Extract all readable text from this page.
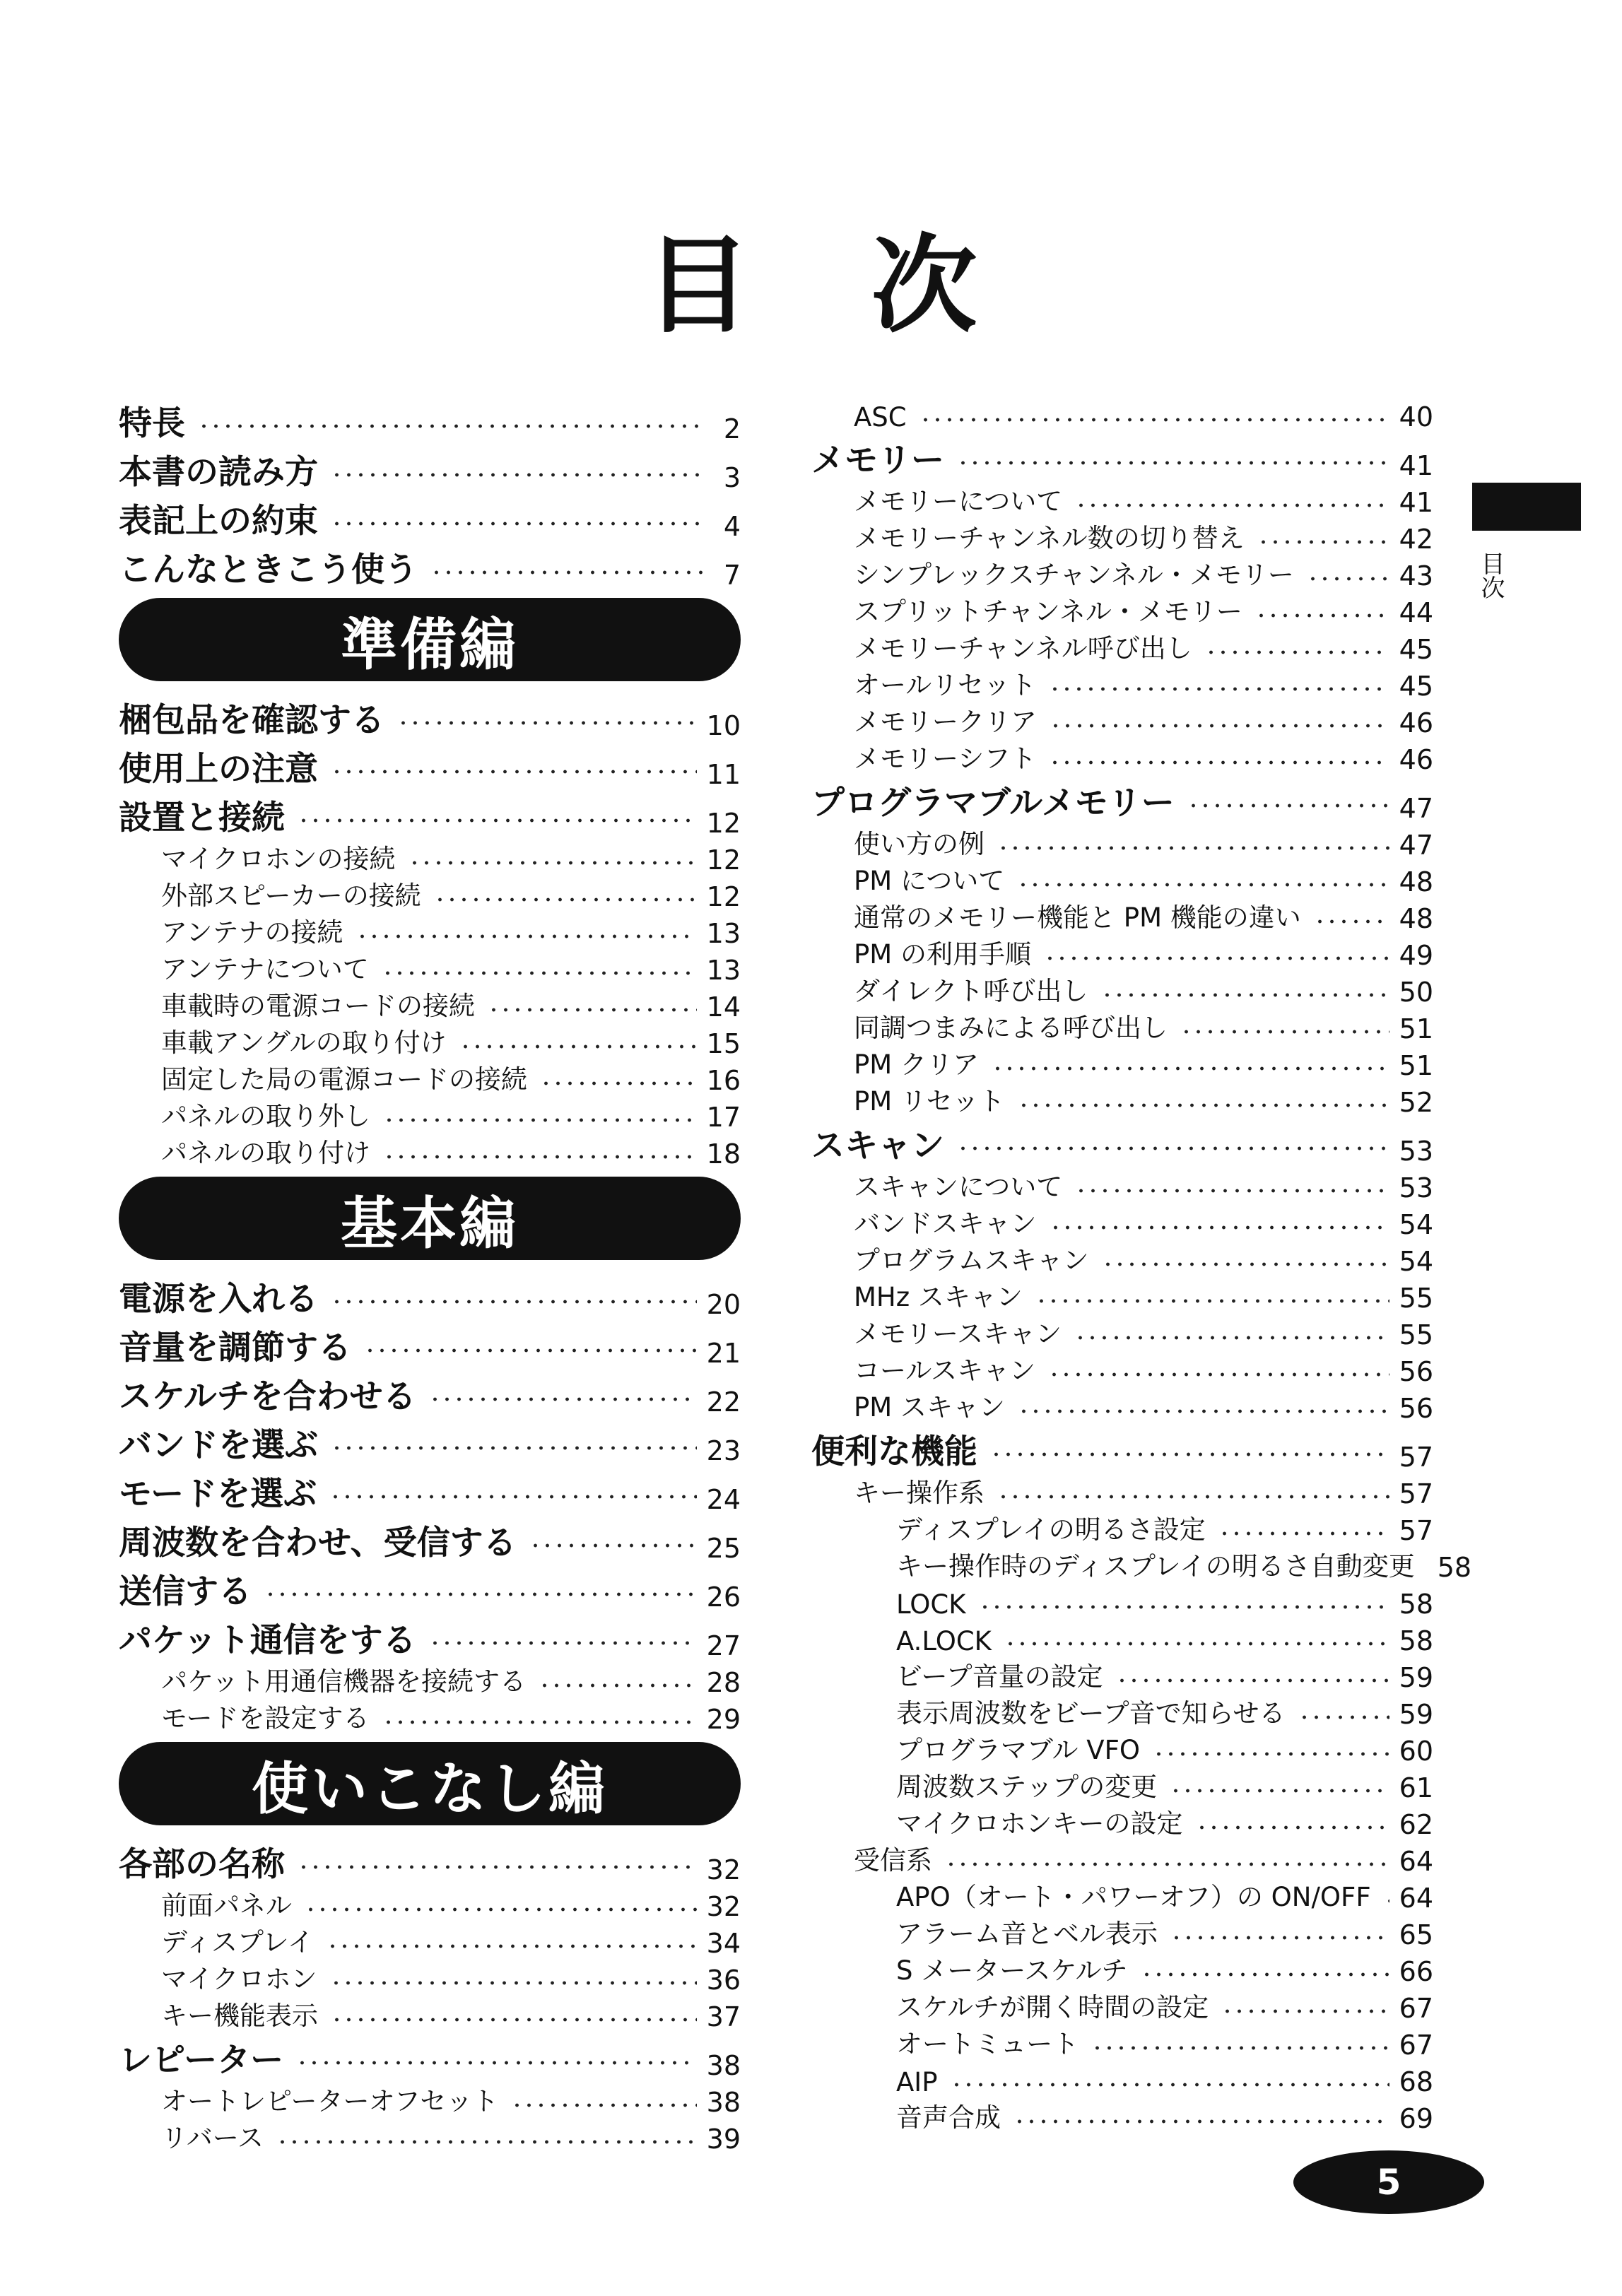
目次
特長	2
本書の読み方	3
表記上の約束	4
こんなときこう使う	7
準備編
梱包品を確認する	10
使用上の注意	11
設置と接続	12
マイクロホンの接続	12
外部スピーカーの接続	12
アンテナの接続	13
アンテナについて	13
車載時の電源コードの接続	14
車載アングルの取り付け	15
固定した局の電源コードの接続	16
パネルの取り外し	17
パネルの取り付け	18
基本編
電源を入れる	20
音量を調節する	21
スケルチを合わせる	22
バンドを選ぶ	23
モードを選ぶ	24
周波数を合わせ、受信する	25
送信する	26
パケット通信をする	27
パケット用通信機器を接続する	28
モードを設定する	29
使いこなし編
各部の名称	32
前面パネル	32
ディスプレイ	34
マイクロホン	36
キー機能表示	37
レピーター	38
オートレピーターオフセット	38
リバース	39
ASC	40
メモリー	41
メモリーについて	41
メモリーチャンネル数の切り替え	42
シンプレックスチャンネル・メモリー	43
スプリットチャンネル・メモリー	44
メモリーチャンネル呼び出し	45
オールリセット	45
メモリークリア	46
メモリーシフト	46
プログラマブルメモリー	47
使い方の例	47
PM について	48
通常のメモリー機能と PM 機能の違い	48
PM の利用手順	49
ダイレクト呼び出し	50
同調つまみによる呼び出し	51
PM クリア	51
PM リセット	52
スキャン	53
スキャンについて	53
バンドスキャン	54
プログラムスキャン	54
MHz スキャン	55
メモリースキャン	55
コールスキャン	56
PM スキャン	56
便利な機能	57
キー操作系	57
ディスプレイの明るさ設定	57
キー操作時のディスプレイの明るさ自動変更 58
LOCK	58
A.LOCK	58
ビープ音量の設定	59
表示周波数をビープ音で知らせる	59
プログラマブル VFO	60
周波数ステップの変更	61
マイクロホンキーの設定	62
受信系	64
APO（オート・パワーオフ）の ON/OFF 64
アラーム音とベル表示	65
S メータースケルチ	66
スケルチが開く時間の設定	67
オートミュート	67
AIP	68
音声合成	69
目次
5
